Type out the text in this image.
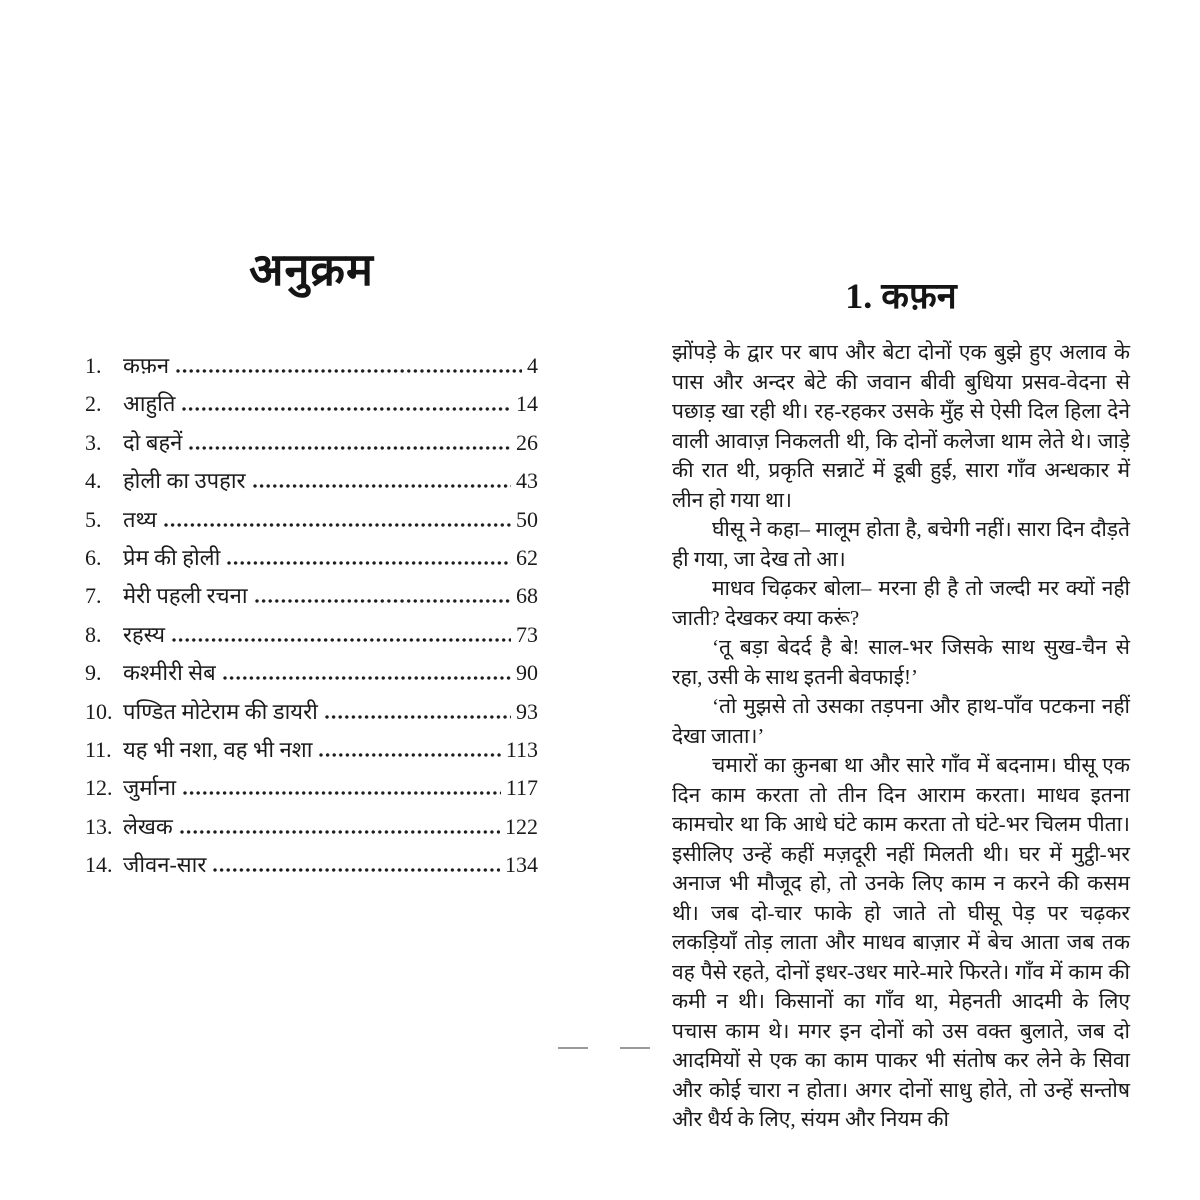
अनुक्रम
1. कफ़न	4
2. आहुति	14
3. दो बहनें	26
4. होली का उपहार	43
5. तथ्य	50
6. प्रेम की होली	62
7. मेरी पहली रचना	68
8. रहस्य	73
9. कश्मीरी सेब	90
10. पण्डित मोटेराम की डायरी	93
11. यह भी नशा, वह भी नशा	113
12. जुर्माना	117
13. लेखक	122
14. जीवन-सार	134
1. कफ़न

झोंपड़े के द्वार पर बाप और बेटा दोनों एक बुझे हुए अलाव के पास और अन्दर बेटे की जवान बीवी बुधिया प्रसव-वेदना से पछाड़ खा रही थी। रह-रहकर उसके मुँह से ऐसी दिल हिला देने वाली आवाज़ निकलती थी, कि दोनों कलेजा थाम लेते थे। जाड़े की रात थी, प्रकृति सन्नाटें में डूबी हुई, सारा गाँव अन्धकार में लीन हो गया था।

घीसू ने कहा– मालूम होता है, बचेगी नहीं। सारा दिन दौड़ते ही गया, जा देख तो आ।

माधव चिढ़कर बोला– मरना ही है तो जल्दी मर क्यों नही जाती? देखकर क्या करूं?

‘तू बड़ा बेदर्द है बे! साल-भर जिसके साथ सुख-चैन से रहा, उसी के साथ इतनी बेवफाई!’

‘तो मुझसे तो उसका तड़पना और हाथ-पाँव पटकना नहीं देखा जाता।’

चमारों का क़ुनबा था और सारे गाँव में बदनाम। घीसू एक दिन काम करता तो तीन दिन आराम करता। माधव इतना कामचोर था कि आधे घंटे काम करता तो घंटे-भर चिलम पीता। इसीलिए उन्हें कहीं मज़दूरी नहीं मिलती थी। घर में मुट्ठी-भर अनाज भी मौजूद हो, तो उनके लिए काम न करने की कसम थी। जब दो-चार फाके हो जाते तो घीसू पेड़ पर चढ़कर लकड़ियाँ तोड़ लाता और माधव बाज़ार में बेच आता जब तक वह पैसे रहते, दोनों इधर-उधर मारे-मारे फिरते। गाँव में काम की कमी न थी। किसानों का गाँव था, मेहनती आदमी के लिए पचास काम थे। मगर इन दोनों को उस वक्त बुलाते, जब दो आदमियों से एक का काम पाकर भी संतोष कर लेने के सिवा और कोई चारा न होता। अगर दोनों साधु होते, तो उन्हें सन्तोष और धैर्य के लिए, संयम और नियम की
